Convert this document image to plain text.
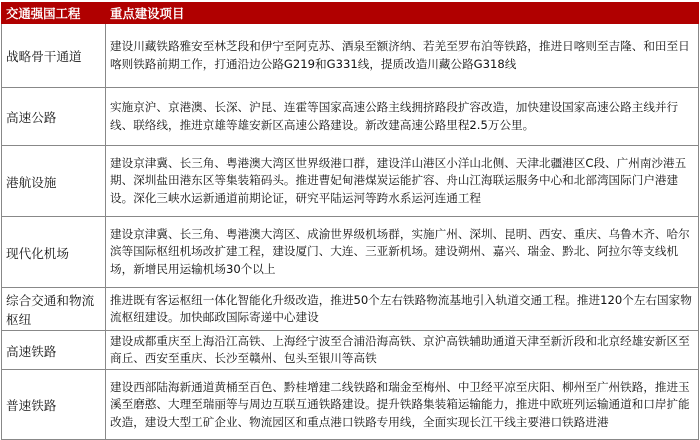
交通强国工程	重点建设项目
战略骨干通道	建设川藏铁路雅安至林芝段和伊宁至阿克苏、酒泉至额济纳、若羌至罗布泊等铁路，推进日喀则至吉隆、和田至日喀则铁路前期工作，打通沿边公路G219和G331线，提质改造川藏公路G318线
高速公路	实施京沪、京港澳、长深、沪昆、连霍等国家高速公路主线拥挤路段扩容改造，加快建设国家高速公路主线并行线、联络线，推进京雄等雄安新区高速公路建设。新改建高速公路里程2.5万公里。
港航设施	建设京津冀、长三角、粤港澳大湾区世界级港口群，建设洋山港区小洋山北侧、天津北疆港区C段、广州南沙港五期、深圳盐田港东区等集装箱码头。推进曹妃甸港煤炭运能扩容、舟山江海联运服务中心和北部湾国际门户港建设。深化三峡水运新通道前期论证，研究平陆运河等跨水系运河连通工程
现代化机场	建设京津冀、长三角、粤港澳大湾区、成渝世界级机场群，实施广州、深圳、昆明、西安、重庆、乌鲁木齐、哈尔滨等国际枢纽机场改扩建工程，建设厦门、大连、三亚新机场。建设朔州、嘉兴、瑞金、黔北、阿拉尔等支线机场，新增民用运输机场30个以上
综合交通和物流枢纽	推进既有客运枢纽一体化智能化升级改造，推进50个左右铁路物流基地引入轨道交通工程。推进120个左右国家物流枢纽建设。加快邮政国际寄递中心建设
高速铁路	建设成都重庆至上海沿江高铁、上海经宁波至合浦沿海高铁、京沪高铁辅助通道天津至新沂段和北京经雄安新区至商丘、西安至重庆、长沙至赣州、包头至银川等高铁
普速铁路	建设西部陆海新通道黄桶至百色、黔桂增建二线铁路和瑞金至梅州、中卫经平凉至庆阳、柳州至广州铁路，推进玉溪至磨憨、大理至瑞丽等与周边互联互通铁路建设。提升铁路集装箱运输能力，推进中欧班列运输通道和口岸扩能改造，建设大型工矿企业、物流园区和重点港口铁路专用线，全面实现长江干线主要港口铁路进港
